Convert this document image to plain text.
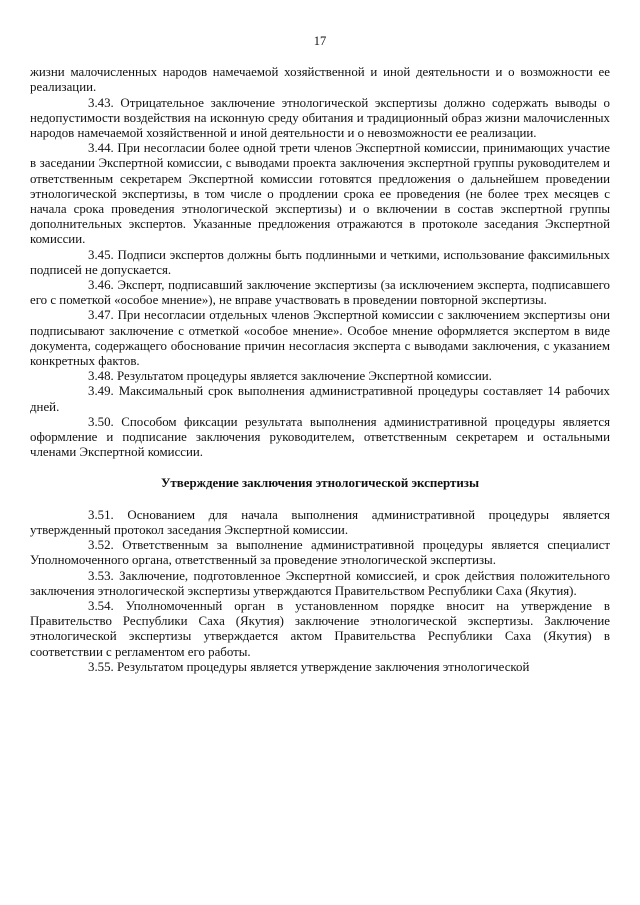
17

жизни малочисленных народов намечаемой хозяйственной и иной деятельности и о возможности ее реализации.

3.43. Отрицательное заключение этнологической экспертизы должно содержать выводы о недопустимости воздействия на исконную среду обитания и традиционный образ жизни малочисленных народов намечаемой хозяйственной и иной деятельности и о невозможности ее реализации.

3.44. При несогласии более одной трети членов Экспертной комиссии, принимающих участие в заседании Экспертной комиссии, с выводами проекта заключения экспертной группы руководителем и ответственным секретарем Экспертной комиссии готовятся предложения о дальнейшем проведении этнологической экспертизы, в том числе о продлении срока ее проведения (не более трех месяцев с начала срока проведения этнологической экспертизы) и о включении в состав экспертной группы дополнительных экспертов. Указанные предложения отражаются в протоколе заседания Экспертной комиссии.

3.45. Подписи экспертов должны быть подлинными и четкими, использование факсимильных подписей не допускается.

3.46. Эксперт, подписавший заключение экспертизы (за исключением эксперта, подписавшего его с пометкой «особое мнение»), не вправе участвовать в проведении повторной экспертизы.

3.47. При несогласии отдельных членов Экспертной комиссии с заключением экспертизы они подписывают заключение с отметкой «особое мнение». Особое мнение оформляется экспертом в виде документа, содержащего обоснование причин несогласия эксперта с выводами заключения, с указанием конкретных фактов.

3.48. Результатом процедуры является заключение Экспертной комиссии.

3.49. Максимальный срок выполнения административной процедуры составляет 14 рабочих дней.

3.50. Способом фиксации результата выполнения административной процедуры является оформление и подписание заключения руководителем, ответственным секретарем и остальными членами Экспертной комиссии.

Утверждение заключения этнологической экспертизы

3.51. Основанием для начала выполнения административной процедуры является утвержденный протокол заседания Экспертной комиссии.

3.52. Ответственным за выполнение административной процедуры является специалист Уполномоченного органа, ответственный за проведение этнологической экспертизы.

3.53. Заключение, подготовленное Экспертной комиссией, и срок действия положительного заключения этнологической экспертизы утверждаются Правительством Республики Саха (Якутия).

3.54. Уполномоченный орган в установленном порядке вносит на утверждение в Правительство Республики Саха (Якутия) заключение этнологической экспертизы. Заключение этнологической экспертизы утверждается актом Правительства Республики Саха (Якутия) в соответствии с регламентом его работы.

3.55. Результатом процедуры является утверждение заключения этнологической
